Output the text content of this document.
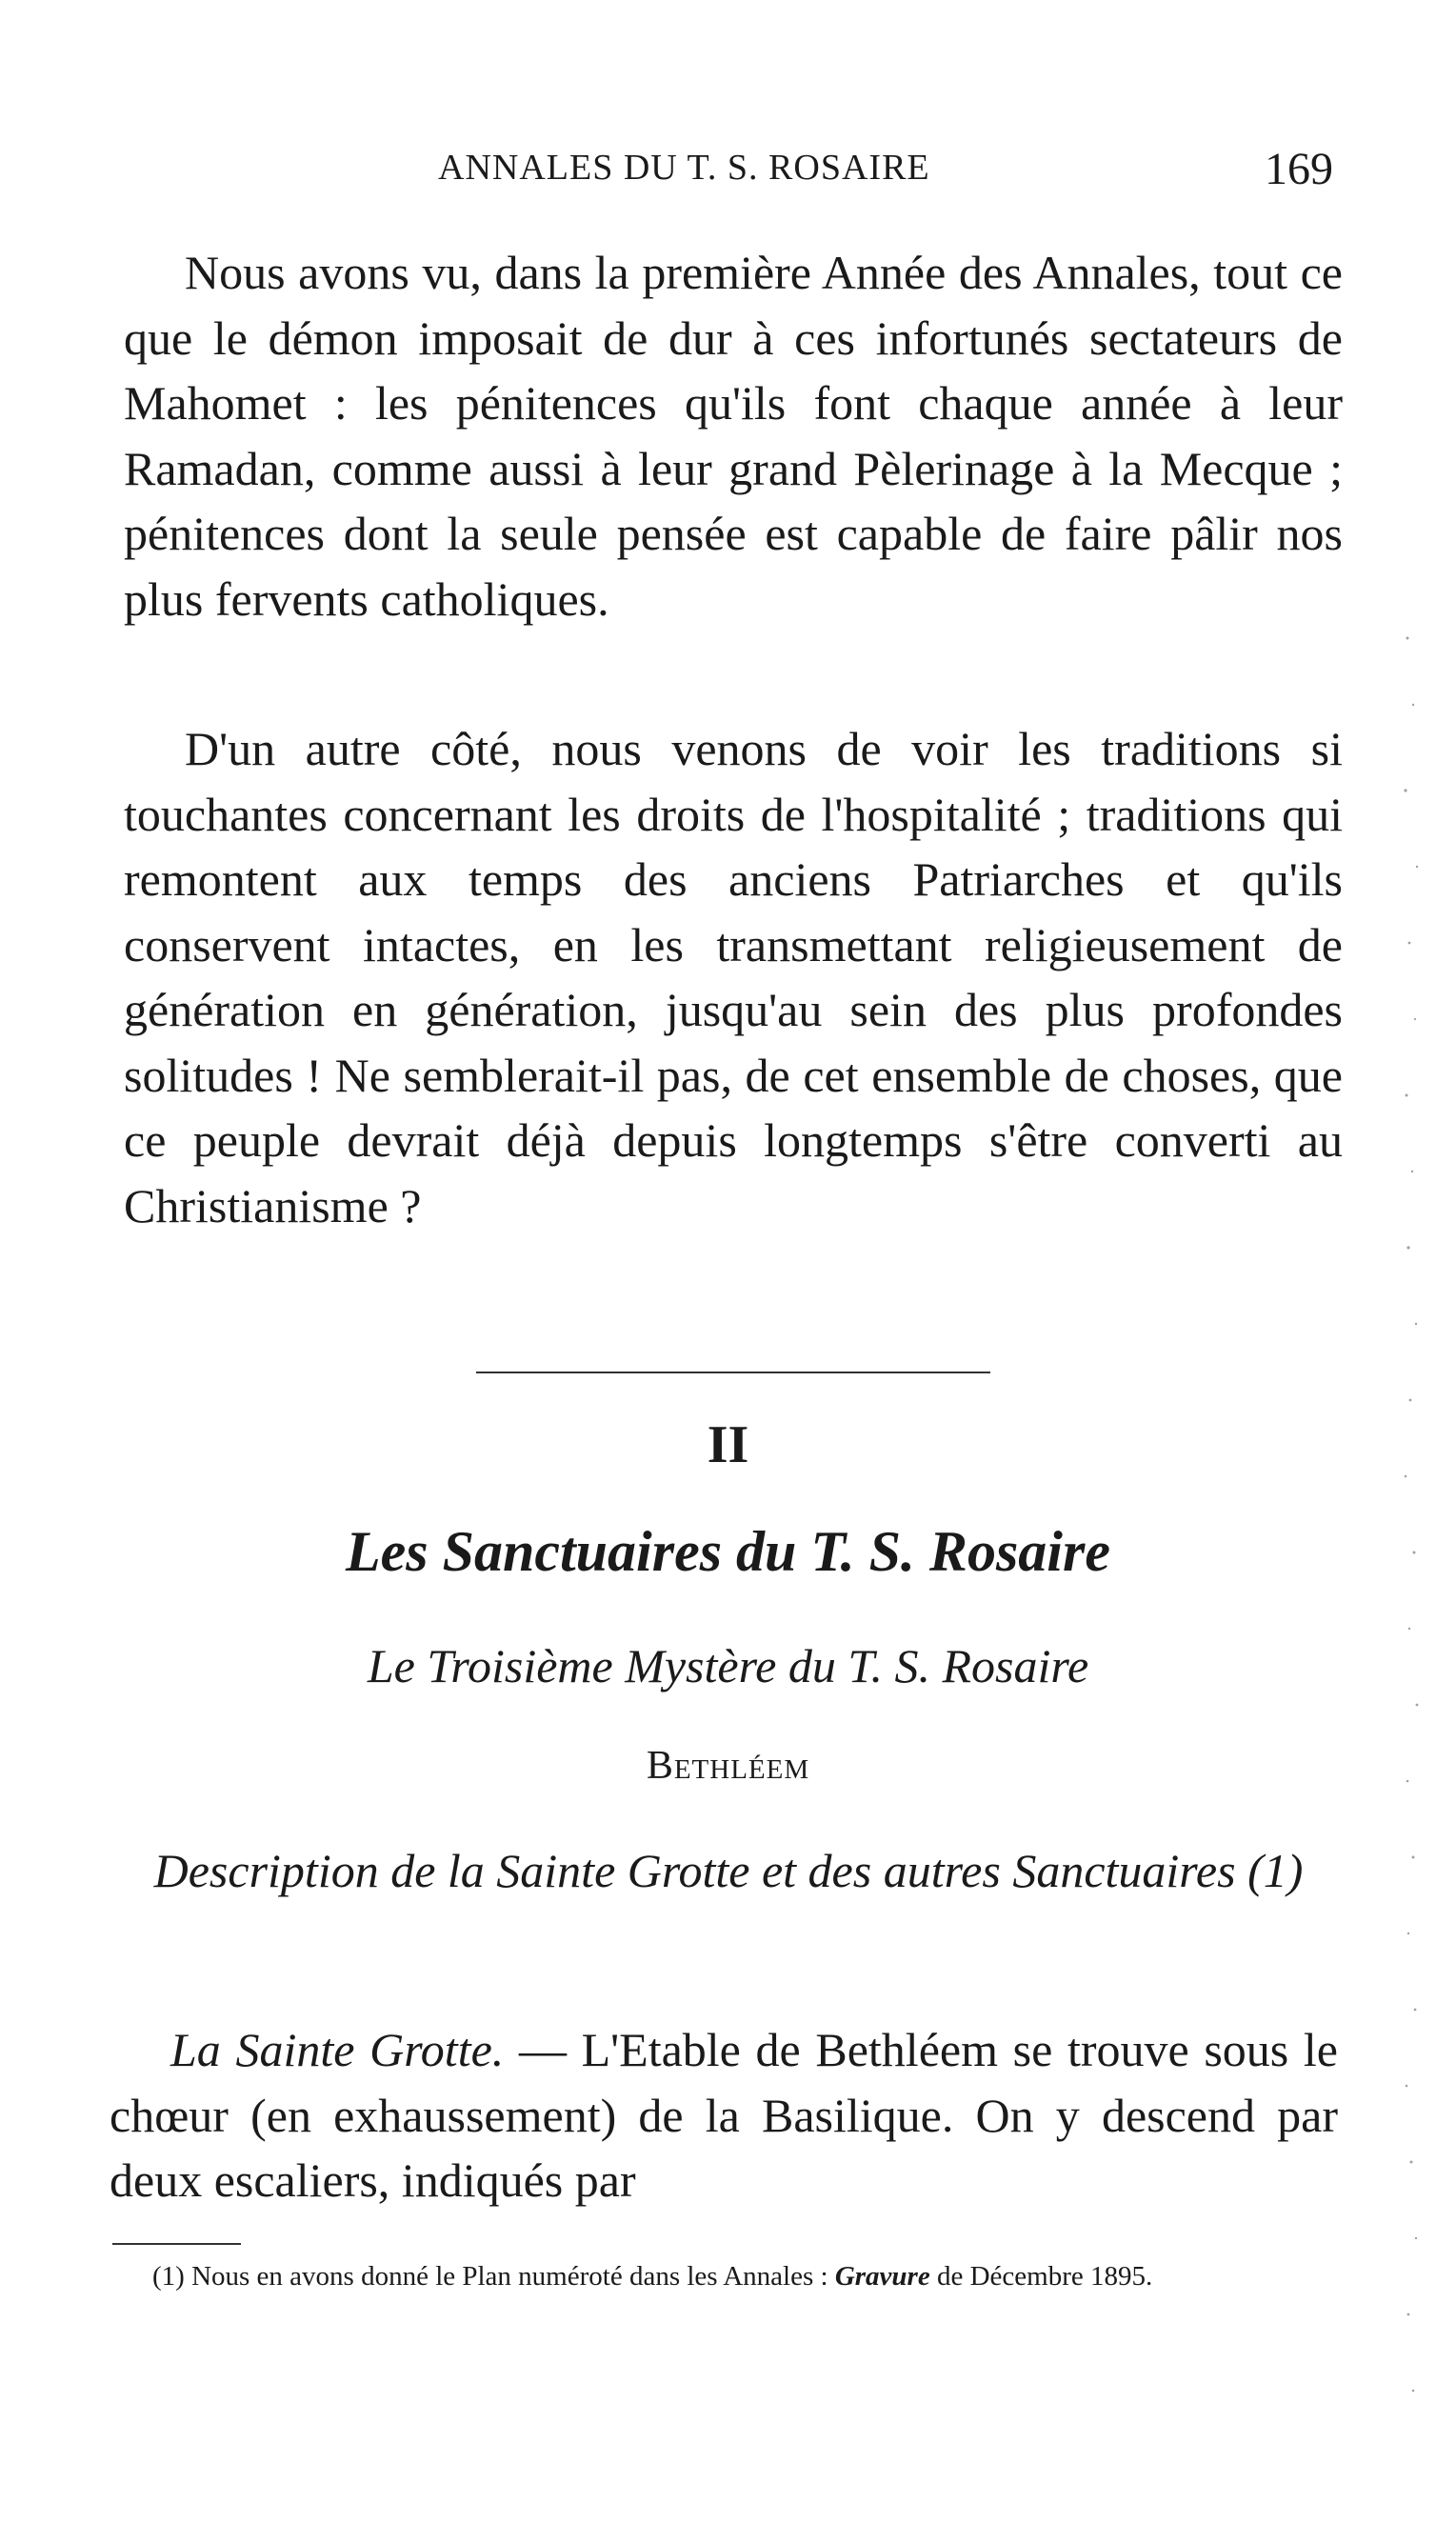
ANNALES DU T. S. ROSAIRE	169

Nous avons vu, dans la première Année des Annales, tout ce que le démon imposait de dur à ces infortunés sectateurs de Mahomet : les pénitences qu'ils font chaque année à leur Ramadan, comme aussi à leur grand Pèlerinage à la Mecque ; pénitences dont la seule pensée est capable de faire pâlir nos plus fervents catholiques.

D'un autre côté, nous venons de voir les traditions si touchantes concernant les droits de l'hospitalité ; traditions qui remontent aux temps des anciens Patriarches et qu'ils conservent intactes, en les transmettant religieusement de génération en génération, jusqu'au sein des plus profondes solitudes ! Ne semblerait-il pas, de cet ensemble de choses, que ce peuple devrait déjà depuis longtemps s'être converti au Christianisme ?

II
Les Sanctuaires du T. S. Rosaire
Le Troisième Mystère du T. S. Rosaire
Bethléem
Description de la Sainte Grotte et des autres Sanctuaires (1)

La Sainte Grotte. — L'Etable de Bethléem se trouve sous le chœur (en exhaussement) de la Basilique. On y descend par deux escaliers, indiqués par

(1) Nous en avons donné le Plan numéroté dans les Annales : Gravure de Décembre 1895.
